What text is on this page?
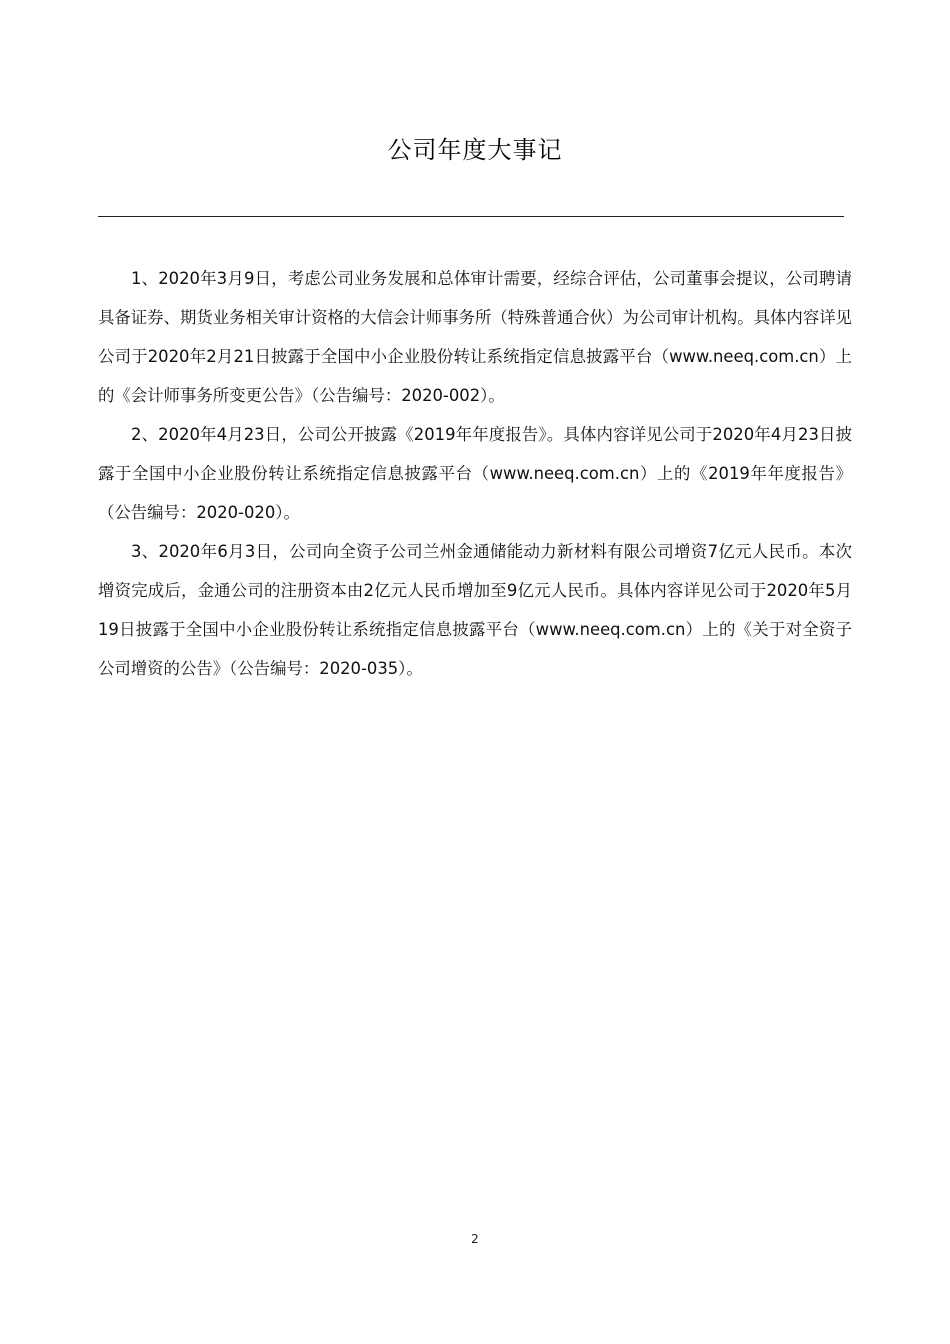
公司年度大事记

1、2020年3月9日，考虑公司业务发展和总体审计需要，经综合评估，公司董事会提议，公司聘请具备证券、期货业务相关审计资格的大信会计师事务所（特殊普通合伙）为公司审计机构。具体内容详见公司于2020年2月21日披露于全国中小企业股份转让系统指定信息披露平台（www.neeq.com.cn）上的《会计师事务所变更公告》（公告编号：2020-002）。

2、2020年4月23日，公司公开披露《2019年年度报告》。具体内容详见公司于2020年4月23日披露于全国中小企业股份转让系统指定信息披露平台（www.neeq.com.cn）上的《2019年年度报告》（公告编号：2020-020）。

3、2020年6月3日，公司向全资子公司兰州金通储能动力新材料有限公司增资7亿元人民币。本次增资完成后，金通公司的注册资本由2亿元人民币增加至9亿元人民币。具体内容详见公司于2020年5月19日披露于全国中小企业股份转让系统指定信息披露平台（www.neeq.com.cn）上的《关于对全资子公司增资的公告》（公告编号：2020-035）。

2
